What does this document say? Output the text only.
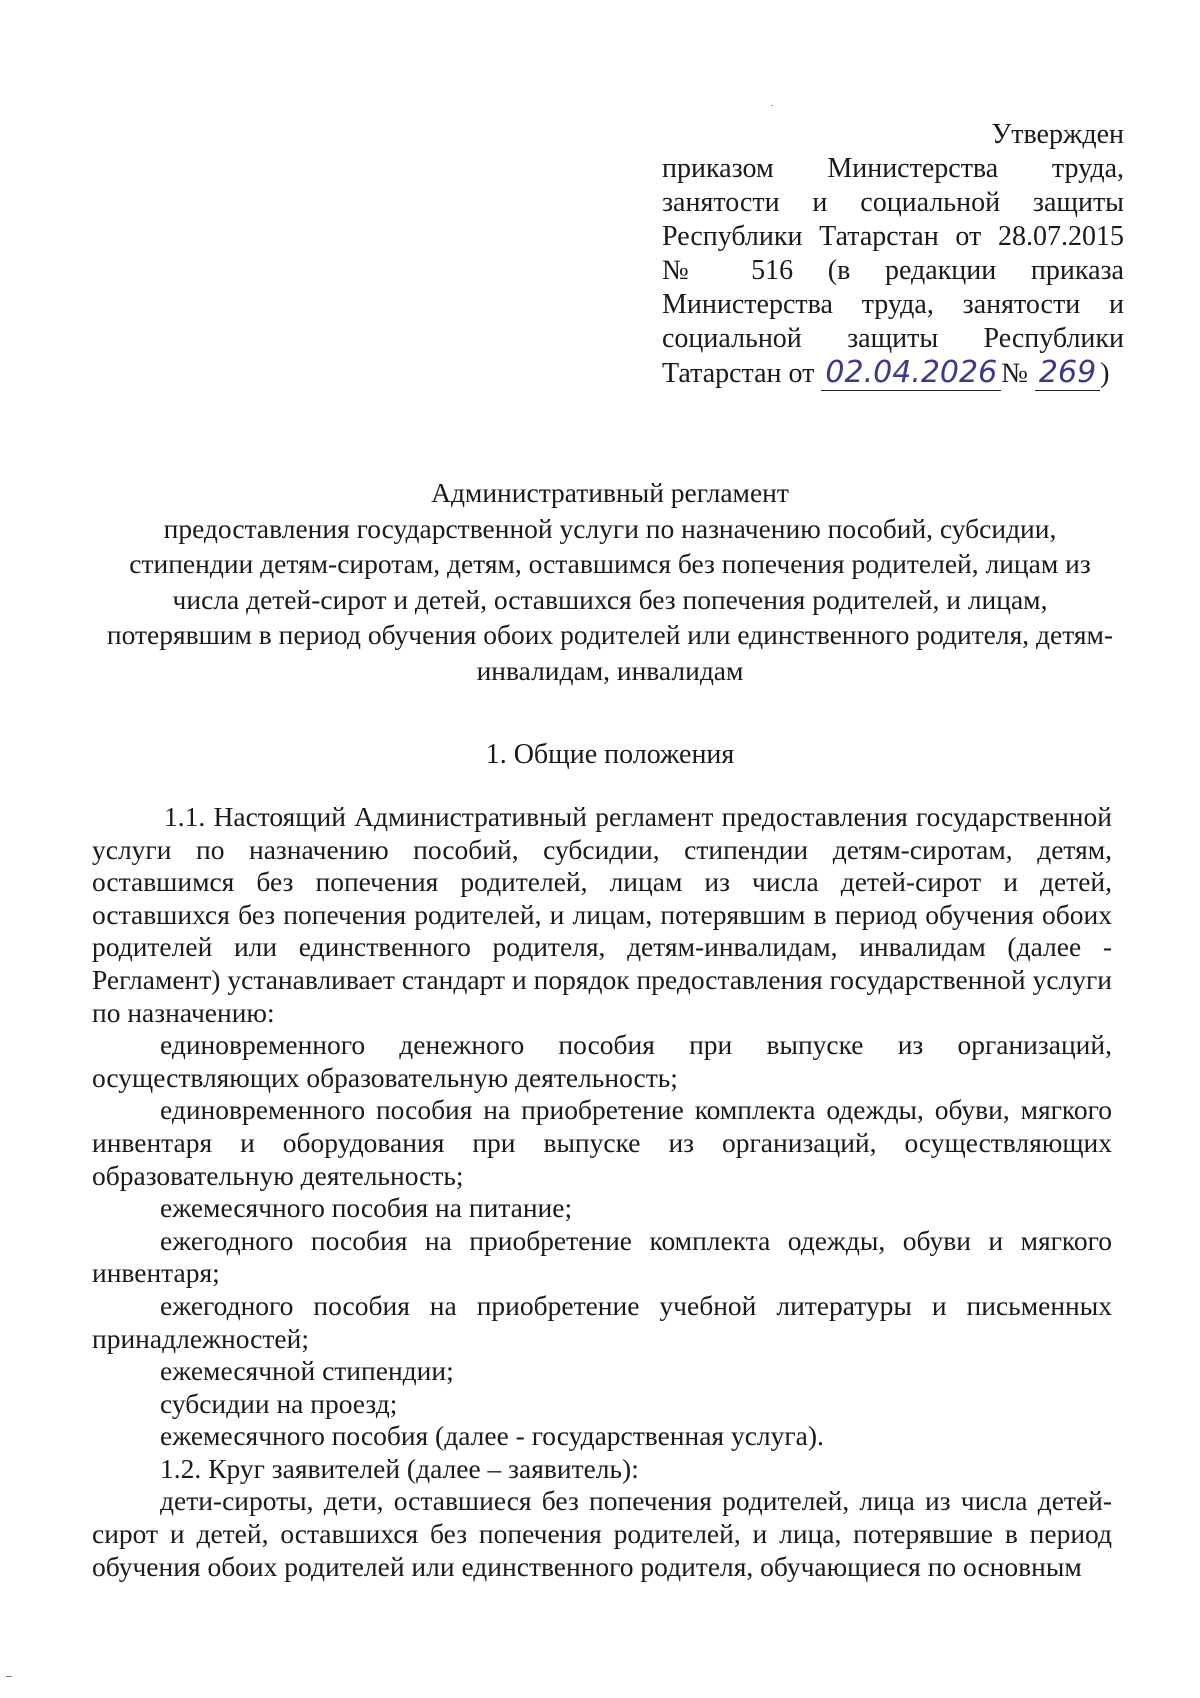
Утвержден
приказом Министерства труда, занятости и социальной защиты Республики Татарстан от 28.07.2015 № 516 (в редакции приказа Министерства труда, занятости и социальной защиты Республики
Татарстан от 02.04.2026 № 269 )
Административный регламент
предоставления государственной услуги по назначению пособий, субсидии, стипендии детям-сиротам, детям, оставшимся без попечения родителей, лицам из числа детей-сирот и детей, оставшихся без попечения родителей, и лицам, потерявшим в период обучения обоих родителей или единственного родителя, детям-инвалидам, инвалидам
1. Общие положения

1.1. Настоящий Административный регламент предоставления государственной услуги по назначению пособий, субсидии, стипендии детям-сиротам, детям, оставшимся без попечения родителей, лицам из числа детей-сирот и детей, оставшихся без попечения родителей, и лицам, потерявшим в период обучения обоих родителей или единственного родителя, детям-инвалидам, инвалидам (далее - Регламент) устанавливает стандарт и порядок предоставления государственной услуги по назначению:

единовременного денежного пособия при выпуске из организаций, осуществляющих образовательную деятельность;

единовременного пособия на приобретение комплекта одежды, обуви, мягкого инвентаря и оборудования при выпуске из организаций, осуществляющих образовательную деятельность;

ежемесячного пособия на питание;

ежегодного пособия на приобретение комплекта одежды, обуви и мягкого инвентаря;

ежегодного пособия на приобретение учебной литературы и письменных принадлежностей;

ежемесячной стипендии;

субсидии на проезд;

ежемесячного пособия (далее - государственная услуга).

1.2. Круг заявителей (далее – заявитель):

дети-сироты, дети, оставшиеся без попечения родителей, лица из числа детей-сирот и детей, оставшихся без попечения родителей, и лица, потерявшие в период обучения обоих родителей или единственного родителя, обучающиеся по основным
